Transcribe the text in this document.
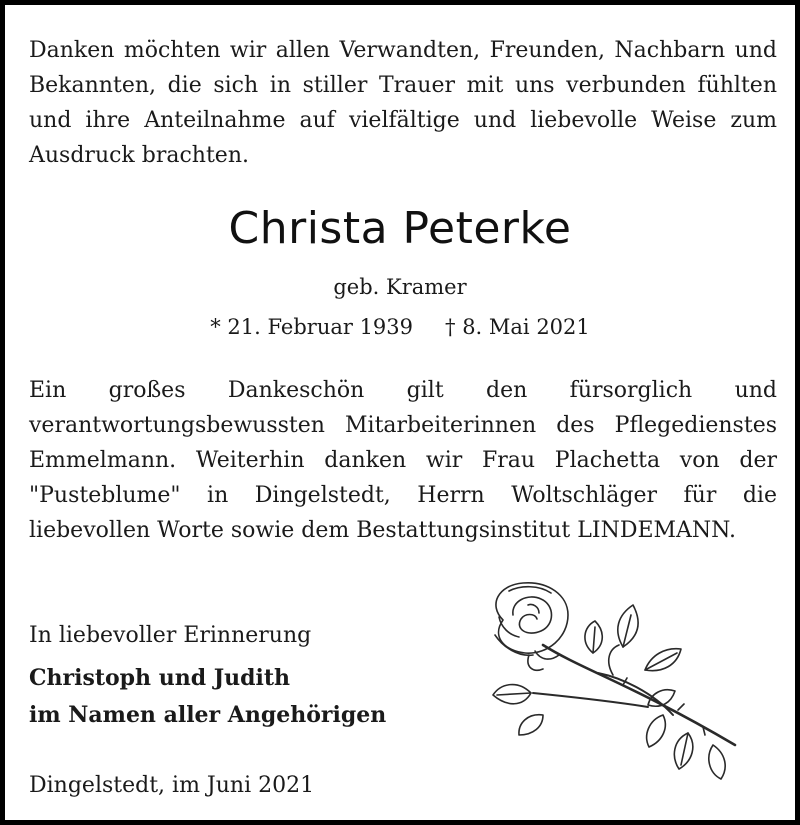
Danken möchten wir allen Verwandten, Freunden, Nachbarn und Bekannten, die sich in stiller Trauer mit uns verbunden fühlten und ihre Anteilnahme auf vielfältige und liebevolle Weise zum Ausdruck brachten.

Christa Peterke
geb. Kramer
* 21. Februar 1939 † 8. Mai 2021

Ein großes Dankeschön gilt den fürsorglich und verantwortungsbewussten Mitarbeiterinnen des Pflegedienstes Emmelmann. Weiterhin danken wir Frau Plachetta von der "Pusteblume" in Dingelstedt, Herrn Woltschläger für die liebevollen Worte sowie dem Bestattungsinstitut LINDEMANN.

In liebevoller Erinnerung
Christoph und Judith
im Namen aller Angehörigen
Dingelstedt, im Juni 2021
